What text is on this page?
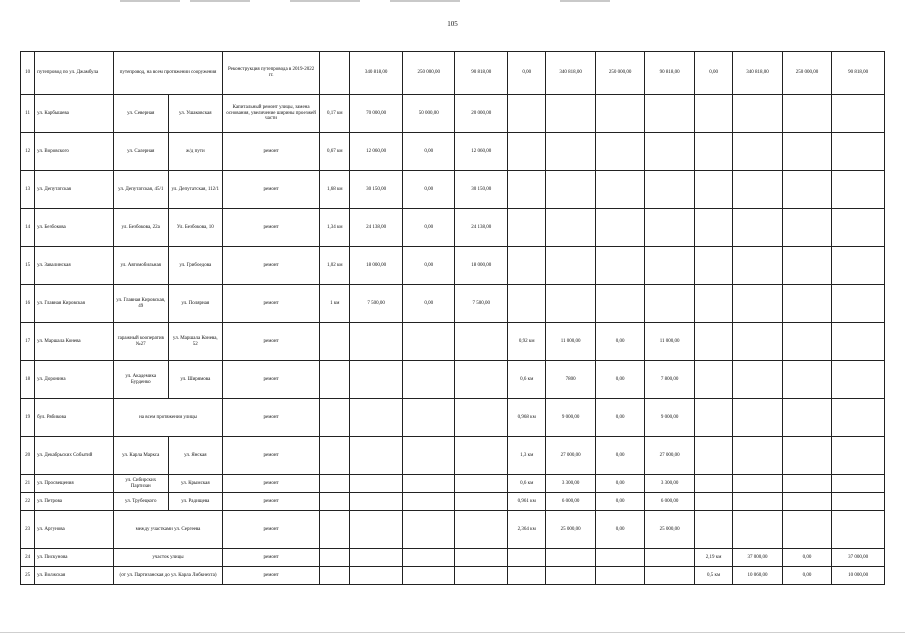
105
10	путепровод по ул. Джамбула	путепровод, на всем протяжении сооружения		Реконструкция путепровода в 2019-2022 гг.		340 818,00	250 000,00	90 818,00	0,00	340 818,00	250 000,00	90 818,00	0,00	340 818,00	250 000,00	90 818,00
11	ул. Карбышева	ул. Северная	ул. Ушаковская	Капитальный ремонт улицы, замена основания, увеличение ширины проезжей части	0,17 км	70 000,00	50 000,00	20 000,00								
12	ул. Воровского	ул. Салерная	ж/д пути	ремонт	0,67 км	12 060,00	0,00	12 060,00								
13	ул. Депутатская	ул. Депутатская, 45/1	ул. Депутатская, 112/1	ремонт	1,68 км	30 150,00	0,00	30 150,00								
14	ул. Безбокова	ул. Безбокова, 22а	Ул. Безбокова, 10	ремонт	1,34 км	24 138,00	0,00	24 138,00								
15	ул. Завалинская	ул. Автомобильная	ул. Грибоедова	ремонт	1,02 км	18 000,00	0,00	18 000,00								
16	ул. Главная Кировская	ул. Главная Кировская, 49	ул. Полярная	ремонт	1 км	7 500,00	0,00	7 500,00								
17	ул. Маршала Конева	гаражный кооператив №27	ул. Маршала Конева, 52	ремонт					0,92 км	11 000,00	0,00	11 000,00				
18	ул. Доронина	ул. Академика Бурденко	ул. Ширямова	ремонт					0,6 км	7800	0,00	7 800,00				
19	бул. Рябикова	на всем протяжении улицы		ремонт					0,968 км	9 000,00	0,00	9 000,00				
20	ул. Декабрьских Событий	ул. Карла Маркса	ул. Янская	ремонт					1,3 км	27 000,00	0,00	27 000,00				
21	ул. Просвещения	ул. Сибирских Партизан	ул. Крымская	ремонт					0,6 км	3 300,00	0,00	3 300,00				
22	ул. Петрова	ул. Трубецкого	ул. Радищева	ремонт					0,961 км	6 000,00	0,00	6 000,00				
23	ул. Аргунова	между участками ул. Сергеева		ремонт					2,364 км	25 000,00	0,00	25 000,00				
24	ул. Пискунова	участок улицы		ремонт									2,19 км	37 000,00	0,00	37 000,00
25	ул. Волжская	(от ул. Партизанская до ул. Карла Либкнехта)		ремонт									0,5 км	10 060,00	0,00	10 000,00
